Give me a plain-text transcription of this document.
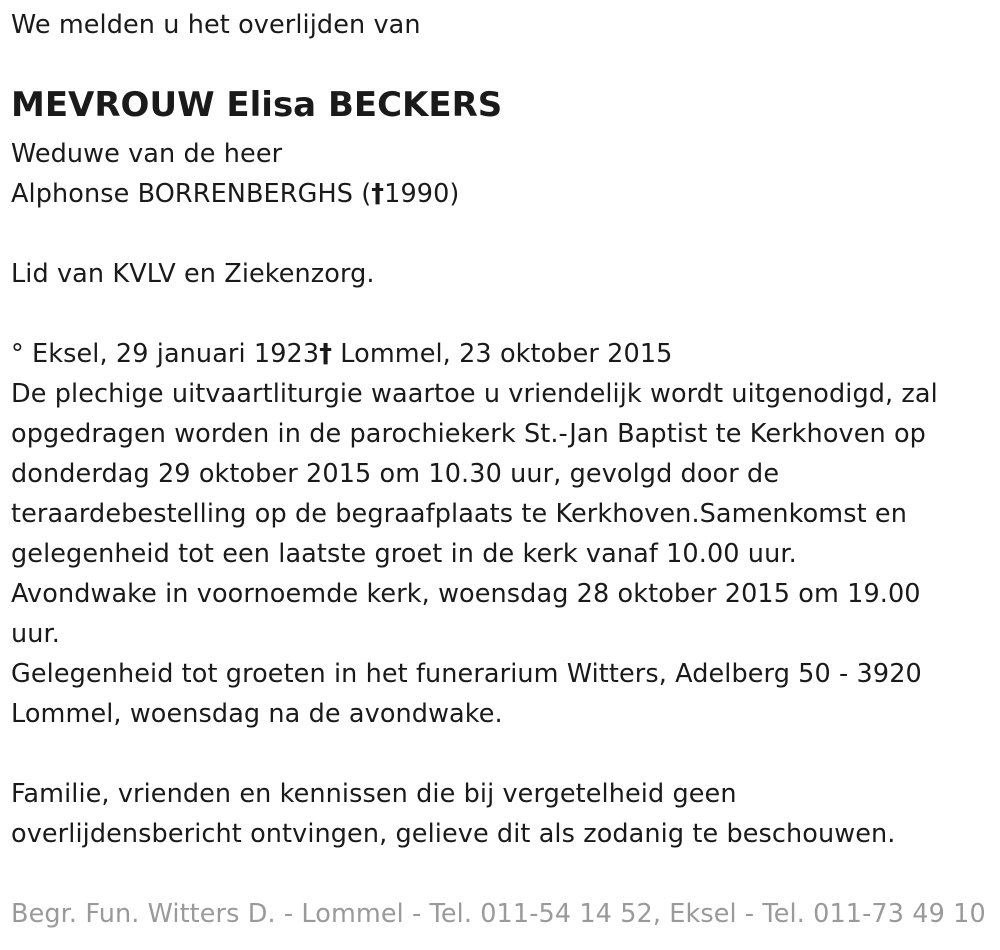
We melden u het overlijden van
MEVROUW Elisa BECKERS
Weduwe van de heer
Alphonse BORRENBERGHS (†1990)
Lid van KVLV en Ziekenzorg.
° Eksel, 29 januari 1923† Lommel, 23 oktober 2015
De plechige uitvaartliturgie waartoe u vriendelijk wordt uitgenodigd, zal
opgedragen worden in de parochiekerk St.-Jan Baptist te Kerkhoven op
donderdag 29 oktober 2015 om 10.30 uur, gevolgd door de
teraardebestelling op de begraafplaats te Kerkhoven.Samenkomst en
gelegenheid tot een laatste groet in de kerk vanaf 10.00 uur.
Avondwake in voornoemde kerk, woensdag 28 oktober 2015 om 19.00
uur.
Gelegenheid tot groeten in het funerarium Witters, Adelberg 50 - 3920
Lommel, woensdag na de avondwake.
Familie, vrienden en kennissen die bij vergetelheid geen
overlijdensbericht ontvingen, gelieve dit als zodanig te beschouwen.
Begr. Fun. Witters D. - Lommel - Tel. 011-54 14 52, Eksel - Tel. 011-73 49 10
